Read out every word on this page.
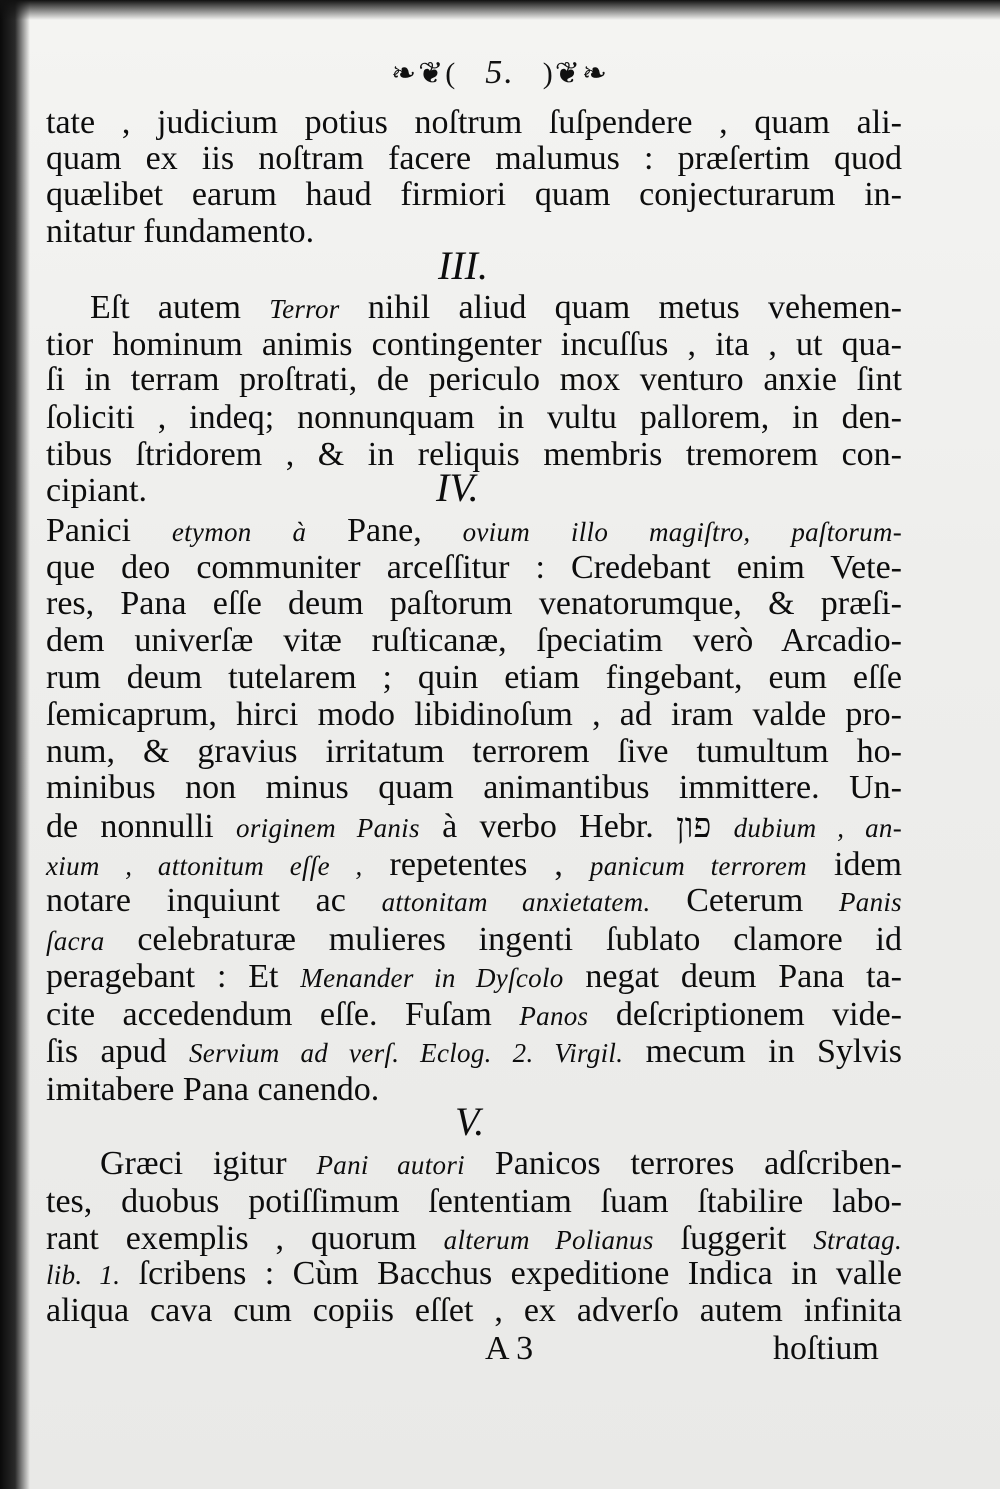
❧❦( 5. )❦❧
III.
IV.
V.
tate , judicium potius noſtrum ſuſpendere , quam ali-
quam ex iis noſtram facere malumus : præſertim quod
quælibet earum haud firmiori quam conjecturarum in-
nitatur fundamento.
Eſt autem Terror nihil aliud quam metus vehemen-
tior hominum animis contingenter incuſſus , ita , ut qua-
ſi in terram proſtrati, de periculo mox venturo anxie ſint
ſoliciti , indeq; nonnunquam in vultu pallorem, in den-
tibus ſtridorem , & in reliquis membris tremorem con-
cipiant.
Panici etymon à Pane, ovium illo magiſtro, paſtorum-
que deo communiter arceſſitur : Credebant enim Vete-
res, Pana eſſe deum paſtorum venatorumque, & præſi-
dem univerſæ vitæ ruſticanæ, ſpeciatim verò Arcadio-
rum deum tutelarem ; quin etiam fingebant, eum eſſe
ſemicaprum, hirci modo libidinoſum , ad iram valde pro-
num, & gravius irritatum terrorem ſive tumultum ho-
minibus non minus quam animantibus immittere. Un-
de nonnulli originem Panis à verbo Hebr. פון dubium , an-
xium , attonitum eſſe , repetentes , panicum terrorem idem
notare inquiunt ac attonitam anxietatem. Ceterum Panis
ſacra celebraturæ mulieres ingenti ſublato clamore id
peragebant : Et Menander in Dyſcolo negat deum Pana ta-
cite accedendum eſſe. Fuſam Panos deſcriptionem vide-
ſis apud Servium ad verſ. Eclog. 2. Virgil. mecum in Sylvis
imitabere Pana canendo.
Græci igitur Pani autori Panicos terrores adſcriben-
tes, duobus potiſſimum ſententiam ſuam ſtabilire labo-
rant exemplis , quorum alterum Polianus ſuggerit Stratag.
lib. 1. ſcribens : Cùm Bacchus expeditione Indica in valle
aliqua cava cum copiis eſſet , ex adverſo autem infinita
A 3	hoſtium
